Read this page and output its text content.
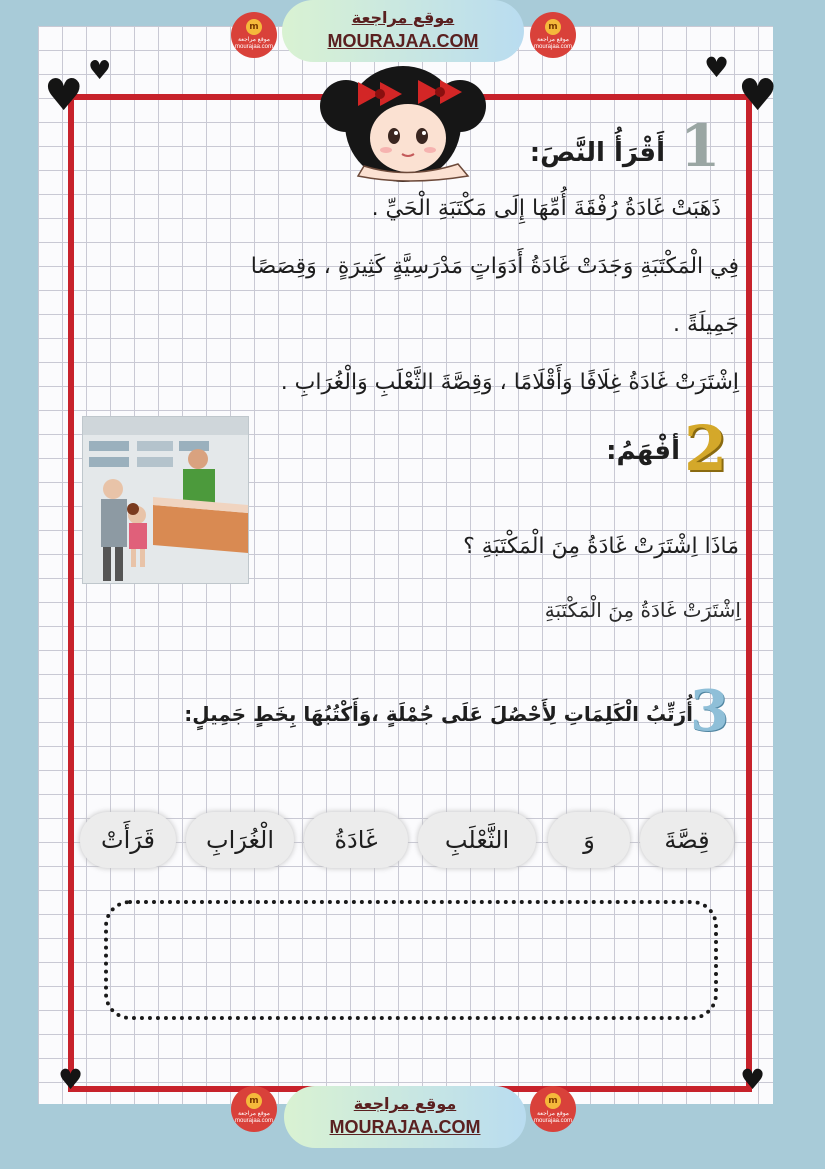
♥ ♥	♥
♥
♥	♥
m
موقع مراجعة mourajaa.com
موقع مراجعة
MOURAJAA.COM
m
موقع مراجعة mourajaa.com
1
أَقْرَأُ النَّصَ:
ذَهَبَتْ غَادَةُ رُفْقَةَ أُمِّهَا إِلَى مَكْتَبَةِ الْحَيِّ .
فِي الْمَكْتَبَةِ وَجَدَتْ غَادَةُ أَدَوَاتٍ مَدْرَسِيَّةٍ كَثِيرَةٍ ، وَقِصَصًا
جَمِيلَةً .
اِشْتَرَتْ غَادَةُ غِلَافًا وَأَقْلَامًا ، وَقِصَّةَ الثَّعْلَبِ وَالْغُرَابِ .
2
أفْهَمُ:
مَاذَا اِشْتَرَتْ غَادَةُ مِنَ الْمَكْتَبَةِ ؟
اِشْتَرَتْ غَادَةُ مِنَ الْمَكْتَبَةِ
3
أُرَتِّبُ الْكَلِمَاتِ لِأَحْصُلَ عَلَى جُمْلَةٍ ،وَأَكْتُبُهَا بِخَطٍ جَمِيلٍ:
قِصَّةَ
وَ
الثَّعْلَبِ
غَادَةُ
الْغُرَابِ
قَرَأَتْ
m
موقع مراجعة mourajaa.com
موقع مراجعة
MOURAJAA.COM
m
موقع مراجعة mourajaa.com
